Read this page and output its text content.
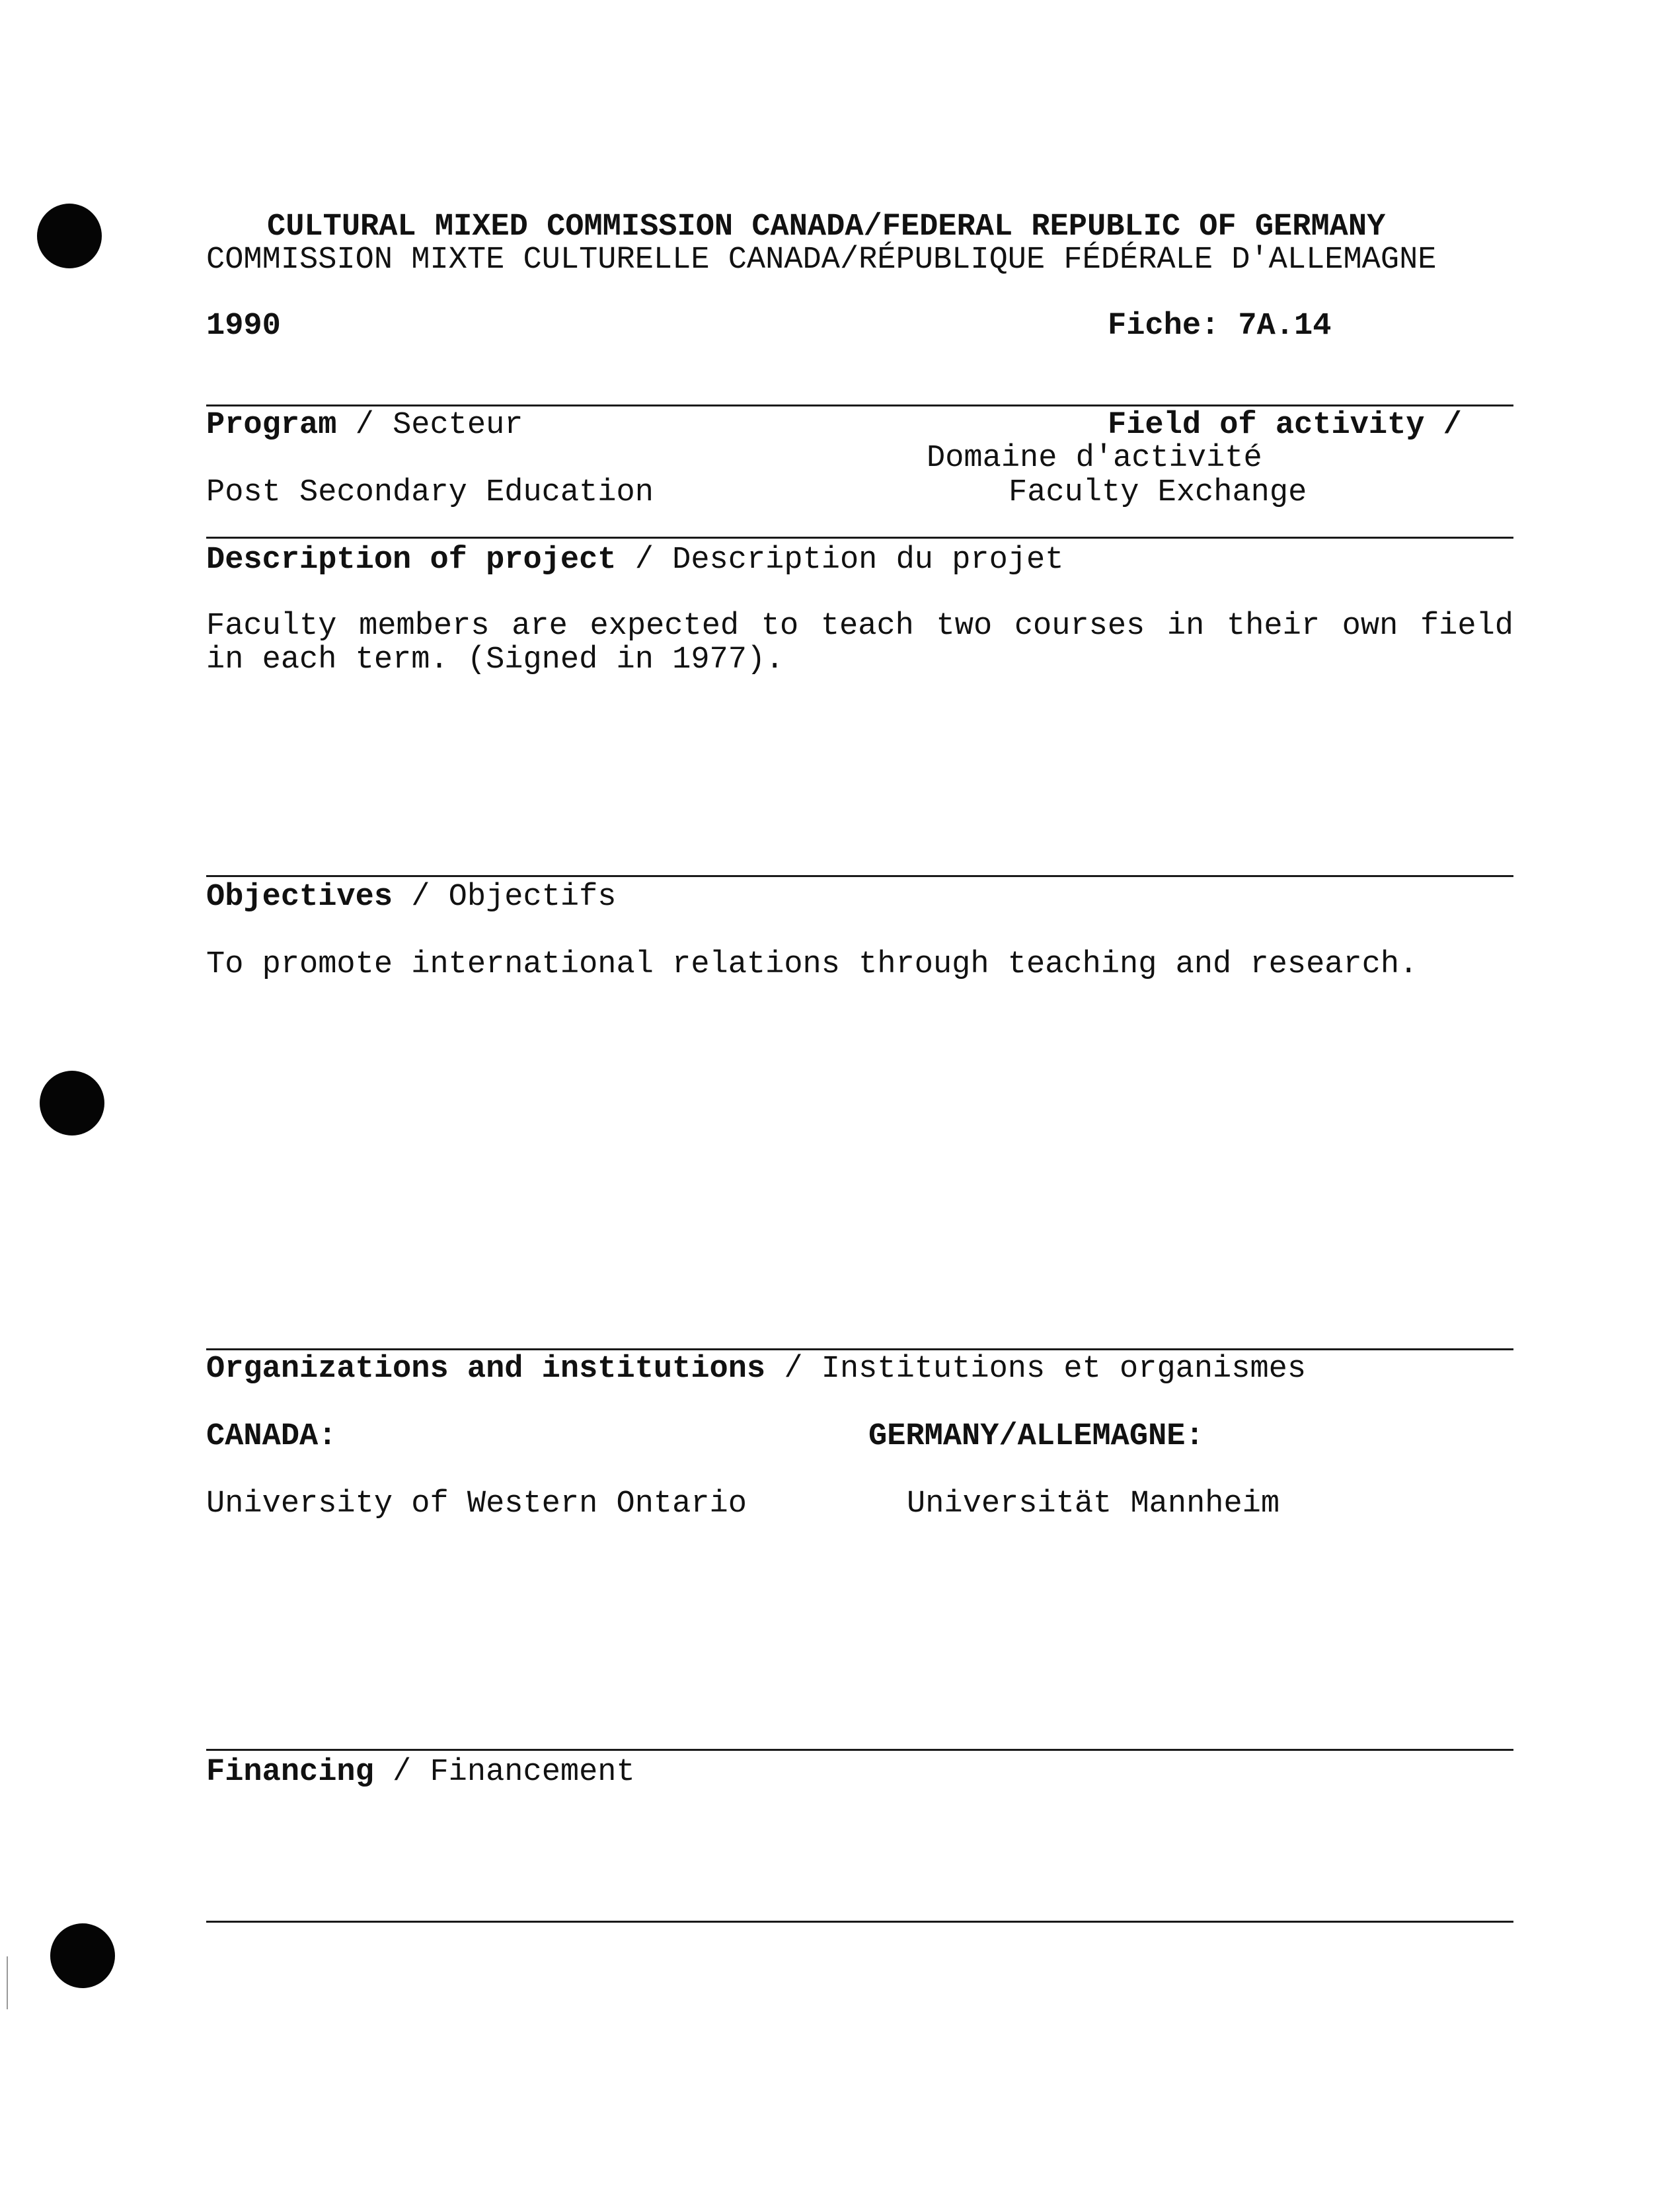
CULTURAL MIXED COMMISSION CANADA/FEDERAL REPUBLIC OF GERMANY
COMMISSION MIXTE CULTURELLE CANADA/RÉPUBLIQUE FÉDÉRALE D'ALLEMAGNE
1990	Fiche: 7A.14
Program / Secteur	Field of activity /
Domaine d'activité
Post Secondary Education	Faculty Exchange
Description of project / Description du projet
Faculty members are expected to teach two courses in their own field in each term. (Signed in 1977).
Objectives / Objectifs
To promote international relations through teaching and research.
Organizations and institutions / Institutions et organismes
CANADA:	GERMANY/ALLEMAGNE:
University of Western Ontario	Universität Mannheim
Financing / Financement
